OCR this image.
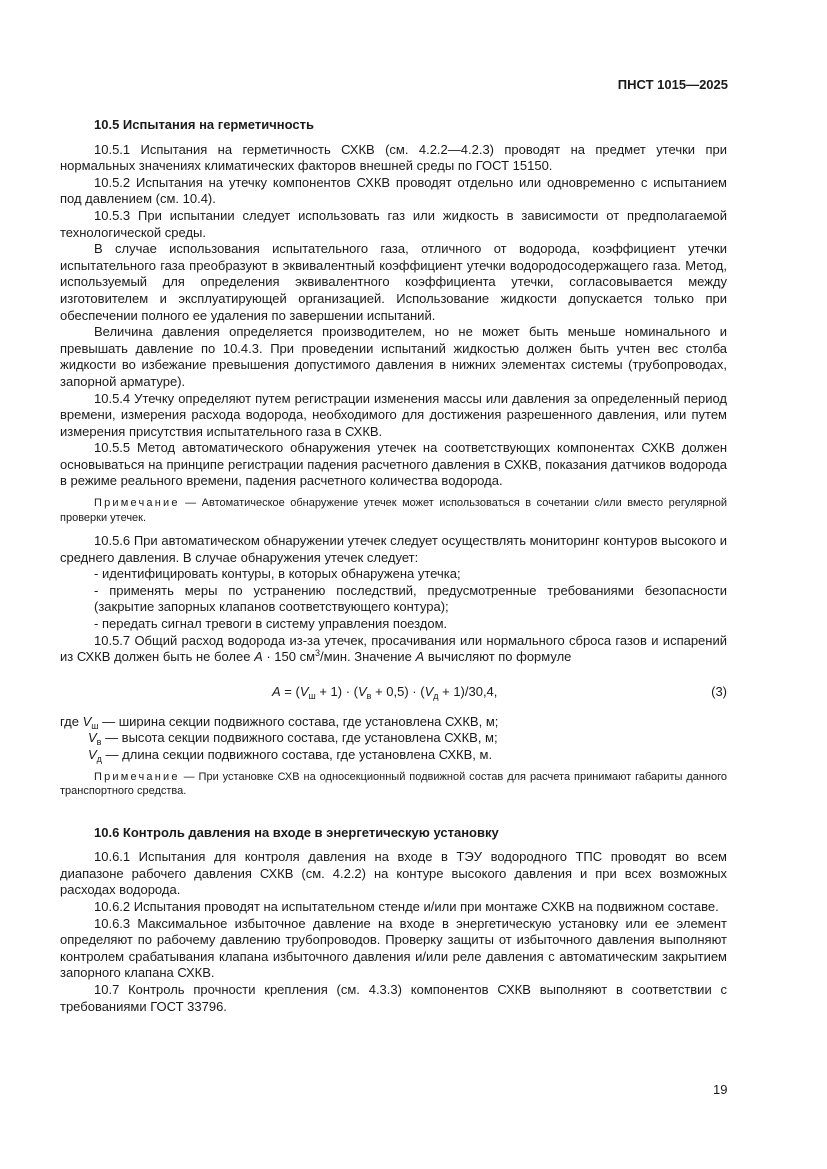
ПНСТ 1015—2025
10.5 Испытания на герметичность

10.5.1 Испытания на герметичность СХКВ (см. 4.2.2—4.2.3) проводят на предмет утечки при нормальных значениях климатических факторов внешней среды по ГОСТ 15150.

10.5.2 Испытания на утечку компонентов СХКВ проводят отдельно или одновременно с испытанием под давлением (см. 10.4).

10.5.3 При испытании следует использовать газ или жидкость в зависимости от предполагаемой технологической среды.

В случае использования испытательного газа, отличного от водорода, коэффициент утечки испытательного газа преобразуют в эквивалентный коэффициент утечки водородосодержащего газа. Метод, используемый для определения эквивалентного коэффициента утечки, согласовывается между изготовителем и эксплуатирующей организацией. Использование жидкости допускается только при обеспечении полного ее удаления по завершении испытаний.

Величина давления определяется производителем, но не может быть меньше номинального и превышать давление по 10.4.3. При проведении испытаний жидкостью должен быть учтен вес столба жидкости во избежание превышения допустимого давления в нижних элементах системы (трубопроводах, запорной арматуре).

10.5.4 Утечку определяют путем регистрации изменения массы или давления за определенный период времени, измерения расхода водорода, необходимого для достижения разрешенного давления, или путем измерения присутствия испытательного газа в СХКВ.

10.5.5 Метод автоматического обнаружения утечек на соответствующих компонентах СХКВ должен основываться на принципе регистрации падения расчетного давления в СХКВ, показания датчиков водорода в режиме реального времени, падения расчетного количества водорода.

Примечание — Автоматическое обнаружение утечек может использоваться в сочетании с/или вместо регулярной проверки утечек.

10.5.6 При автоматическом обнаружении утечек следует осуществлять мониторинг контуров высокого и среднего давления. В случае обнаружения утечек следует:

- идентифицировать контуры, в которых обнаружена утечка;

- применять меры по устранению последствий, предусмотренные требованиями безопасности (закрытие запорных клапанов соответствующего контура);

- передать сигнал тревоги в систему управления поездом.

10.5.7 Общий расход водорода из-за утечек, просачивания или нормального сброса газов и испарений из СХКВ должен быть не более A · 150 $см^3$/мин. Значение A вычисляют по формуле

$A = (V_ш + 1) \cdot (V_в + 0,5) \cdot (V_д + 1)/30,4$,	(3)
где $V_ш$ — ширина секции подвижного состава, где установлена СХКВ, м;
$V_в$ — высота секции подвижного состава, где установлена СХКВ, м;
$V_д$ — длина секции подвижного состава, где установлена СХКВ, м.
Примечание — При установке СХВ на односекционный подвижной состав для расчета принимают габариты данного транспортного средства.
10.6 Контроль давления на входе в энергетическую установку

10.6.1 Испытания для контроля давления на входе в ТЭУ водородного ТПС проводят во всем диапазоне рабочего давления СХКВ (см. 4.2.2) на контуре высокого давления и при всех возможных расходах водорода.

10.6.2 Испытания проводят на испытательном стенде и/или при монтаже СХКВ на подвижном составе.

10.6.3 Максимальное избыточное давление на входе в энергетическую установку или ее элемент определяют по рабочему давлению трубопроводов. Проверку защиты от избыточного давления выполняют контролем срабатывания клапана избыточного давления и/или реле давления с автоматическим закрытием запорного клапана СХКВ.

10.7 Контроль прочности крепления (см. 4.3.3) компонентов СХКВ выполняют в соответствии с требованиями ГОСТ 33796.

19
